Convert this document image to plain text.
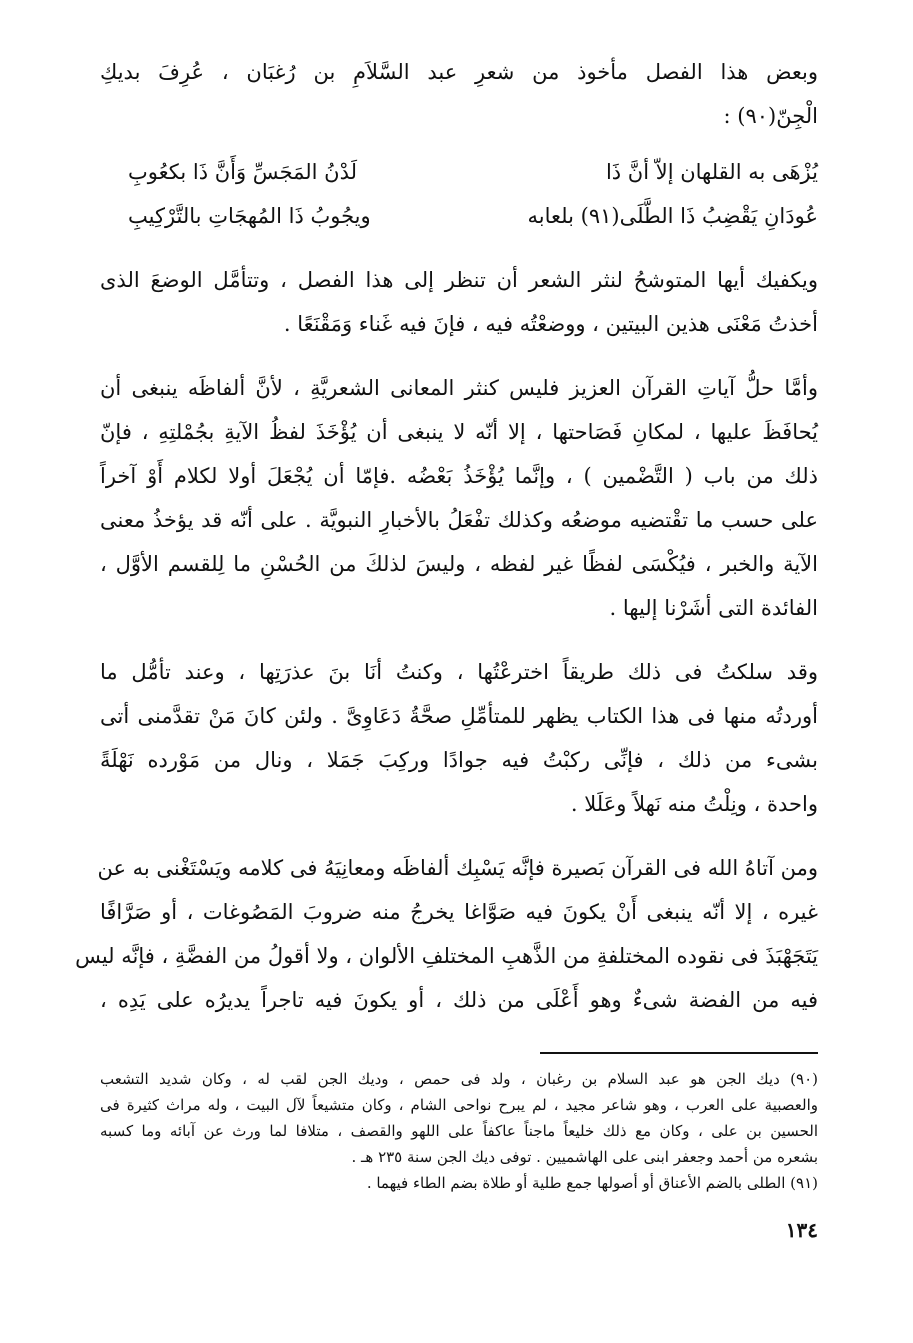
وبعض هذا الفصل مأخوذ من شعرِ عبد السَّلاَمِ بن رُغبَان ، عُرِفَ بديكِ
الْجِنّ(٩٠) :
يُزْهَى به القلهان إلاّ أنَّ ذَا
لَدْنُ المَجَسِّ وَأَنَّ ذَا بكعُوبِ
عُودَانِ يَقْضِبُ ذَا الطَّلَى(٩١) بلعابه
ويجُوبُ ذَا المُهجَاتِ بالتَّرْكِيبِ
ويكفيك أيها المتوشحُ لنثر الشعر أن تنظر إلى هذا الفصل ، وتتأمَّل الوضعَ الذى
أخذتُ مَعْنَى هذين البيتين ، ووضعْتُه فيه ، فإنَ فيه غَناء وَمَقْنَعًا .
وأمَّا حلُّ آياتِ القرآن العزيز فليس كنثر المعانى الشعريَّةِ ، لأنَّ ألفاظَه ينبغى أن
يُحافَظَ عليها ، لمكانِ فَصَاحتها ، إلا أنّه لا ينبغى أن يُؤْخَذَ لفظُ الآيةِ بجُمْلتِهِ ، فإنّ
ذلك من باب ( التَّضْمين ) ، وإنَّما يُؤْخَذُ بَعْضُه .فإمّا أن يُجْعَلَ أولا لكلام أَوْ آخراً
على حسب ما تقْتضيه موضعُه وكذلك تفْعَلُ بالأخبارِ النبويَّة . على أنّه قد يؤخذُ معنى
الآية والخبر ، فيُكْسَى لفظًا غير لفظه ، وليسَ لذلكَ من الحُسْنِ ما لِلقسم الأوَّل ،
الفائدة التى أشَرْنا إليها .
وقد سلكتُ فى ذلك طريقاً اخترعْتُها ، وكنتُ أنَا بنَ عذرَتِها ، وعند تأمُّل ما
أوردتُه منها فى هذا الكتاب يظهر للمتأمِّلِ صحَّةُ دَعَاوِىَّ . ولئن كانَ مَنْ تقدَّمنى أتى
بشىء من ذلك ، فإنِّى ركبْتُ فيه جوادًا وركِبَ جَمَلا ، ونال من مَوْرده نَهْلَةً
واحدة ، ونِلْتُ منه نَهلاً وعَلَلا .
ومن آتاهُ الله فى القرآن بَصيرة فإنَّه يَسْبِك ألفاظَه ومعانِيَهُ فى كلامه ويَسْتَغْنى به عن
غيره ، إلا أنّه ينبغى أَنْ يكونَ فيه صَوَّاغا يخرجُ منه ضروبَ المَصُوغات ، أو صَرَّافًا
يَتَجَهْبَذَ فى نقوده المختلفةِ من الذَّهبِ المختلفِ الألوان ، ولا أقولُ من الفضَّةِ ، فإنَّه ليس
فيه من الفضة شىءٌ وهو أَعْلَى من ذلك ، أو يكونَ فيه تاجراً يديرُه على يَدِه ،
(٩٠) ديك الجن هو عبد السلام بن رغبان ، ولد فى حمص ، وديك الجن لقب له ، وكان شديد التشعب
والعصبية على العرب ، وهو شاعر مجيد ، لم يبرح نواحى الشام ، وكان متشيعاً لآل البيت ، وله مراث كثيرة فى
الحسين بن على ، وكان مع ذلك خليعاً ماجناً عاكفاً على اللهو والقصف ، متلافا لما ورث عن آبائه وما كسبه
بشعره من أحمد وجعفر ابنى على الهاشميين . توفى ديك الجن سنة ٢٣٥ هـ .
(٩١) الطلى بالضم الأعناق أو أصولها جمع طلية أو طلاة بضم الطاء فيهما .
١٣٤
